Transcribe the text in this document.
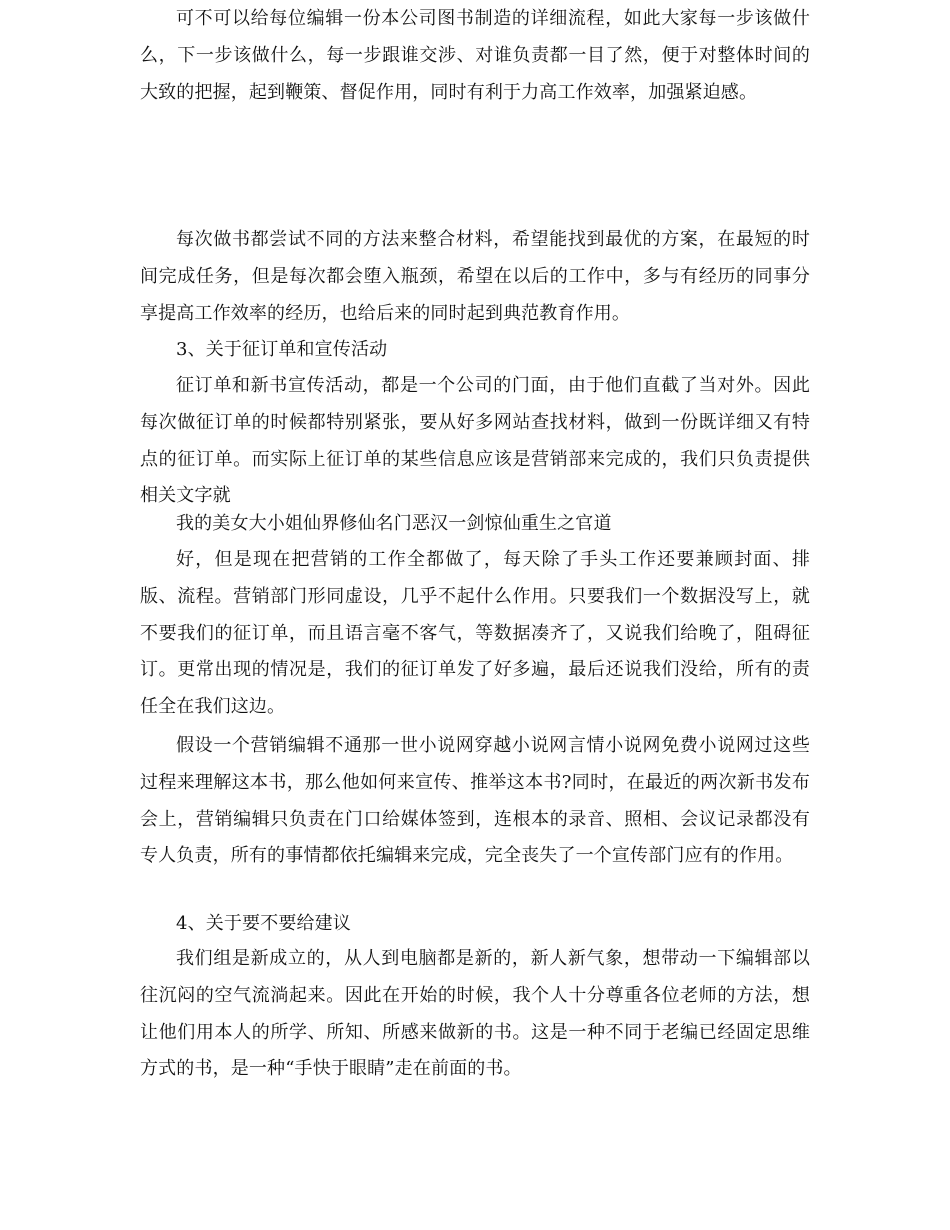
可不可以给每位编辑一份本公司图书制造的详细流程，如此大家每一步该做什么，下一步该做什么，每一步跟谁交涉、对谁负责都一目了然，便于对整体时间的大致的把握，起到鞭策、督促作用，同时有利于力高工作效率，加强紧迫感。

每次做书都尝试不同的方法来整合材料，希望能找到最优的方案，在最短的时间完成任务，但是每次都会堕入瓶颈，希望在以后的工作中，多与有经历的同事分享提高工作效率的经历，也给后来的同时起到典范教育作用。

3、关于征订单和宣传活动

征订单和新书宣传活动，都是一个公司的门面，由于他们直截了当对外。因此每次做征订单的时候都特别紧张，要从好多网站查找材料，做到一份既详细又有特点的征订单。而实际上征订单的某些信息应该是营销部来完成的，我们只负责提供相关文字就

我的美女大小姐仙界修仙名门恶汉一剑惊仙重生之官道

好，但是现在把营销的工作全都做了，每天除了手头工作还要兼顾封面、排版、流程。营销部门形同虚设，几乎不起什么作用。只要我们一个数据没写上，就不要我们的征订单，而且语言毫不客气，等数据凑齐了，又说我们给晚了，阻碍征订。更常出现的情况是，我们的征订单发了好多遍，最后还说我们没给，所有的责任全在我们这边。

假设一个营销编辑不通那一世小说网穿越小说网言情小说网免费小说网过这些过程来理解这本书，那么他如何来宣传、推举这本书?同时，在最近的两次新书发布会上，营销编辑只负责在门口给媒体签到，连根本的录音、照相、会议记录都没有专人负责，所有的事情都依托编辑来完成，完全丧失了一个宣传部门应有的作用。

4、关于要不要给建议

我们组是新成立的，从人到电脑都是新的，新人新气象，想带动一下编辑部以往沉闷的空气流淌起来。因此在开始的时候，我个人十分尊重各位老师的方法，想让他们用本人的所学、所知、所感来做新的书。这是一种不同于老编已经固定思维方式的书，是一种“手快于眼睛”走在前面的书。
